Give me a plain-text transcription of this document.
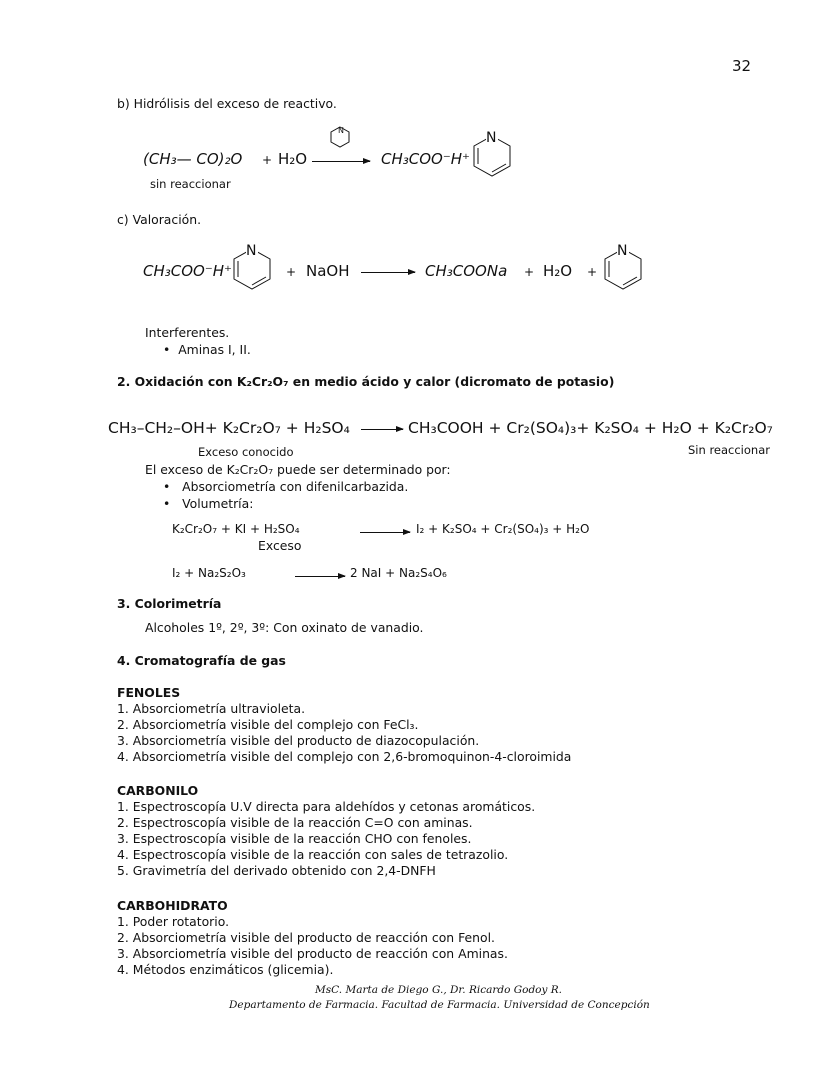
32
b) Hidrólisis del exceso de reactivo.
(CH₃— CO)₂O + H₂O
N
CH₃COO⁻H⁺
N
sin reaccionar
c) Valoración.
CH₃COO⁻H⁺
N
+ NaOH	CH₃COONa + H₂O +
N
Interferentes.
•  Aminas I, II.
2. Oxidación con K₂Cr₂O₇ en medio ácido y calor (dicromato de potasio)
CH₃–CH₂–OH+ K₂Cr₂O₇ + H₂SO₄ → CH₃COOH + Cr₂(SO₄)₃+ K₂SO₄ + H₂O + K₂Cr₂O₇
Exceso conocido	Sin reaccionar
El exceso de K₂Cr₂O₇ puede ser determinado por:
•   Absorciometría con difenilcarbazida.
•   Volumetría:
K₂Cr₂O₇ + KI + H₂SO₄	I₂ + K₂SO₄ + Cr₂(SO₄)₃ + H₂O
Exceso
I₂ + Na₂S₂O₃	2 NaI + Na₂S₄O₆
3. Colorimetría
Alcoholes 1º, 2º, 3º: Con oxinato de vanadio.
4. Cromatografía de gas
FENOLES
1. Absorciometría ultravioleta.
2. Absorciometría visible del complejo con FeCl₃.
3. Absorciometría visible del producto de diazocopulación.
4. Absorciometría visible del complejo con 2,6-bromoquinon-4-cloroimida
CARBONILO
1. Espectroscopía U.V directa para aldehídos y cetonas aromáticos.
2. Espectroscopía visible de la reacción C=O con aminas.
3. Espectroscopía visible de la reacción CHO con fenoles.
4. Espectroscopía visible de la reacción con sales de tetrazolio.
5. Gravimetría del derivado obtenido con 2,4-DNFH
CARBOHIDRATO
1. Poder rotatorio.
2. Absorciometría visible del producto de reacción con Fenol.
3. Absorciometría visible del producto de reacción con Aminas.
4. Métodos enzimáticos (glicemia).
MsC. Marta de Diego G., Dr. Ricardo Godoy R.
Departamento de Farmacia. Facultad de Farmacia. Universidad de Concepción
